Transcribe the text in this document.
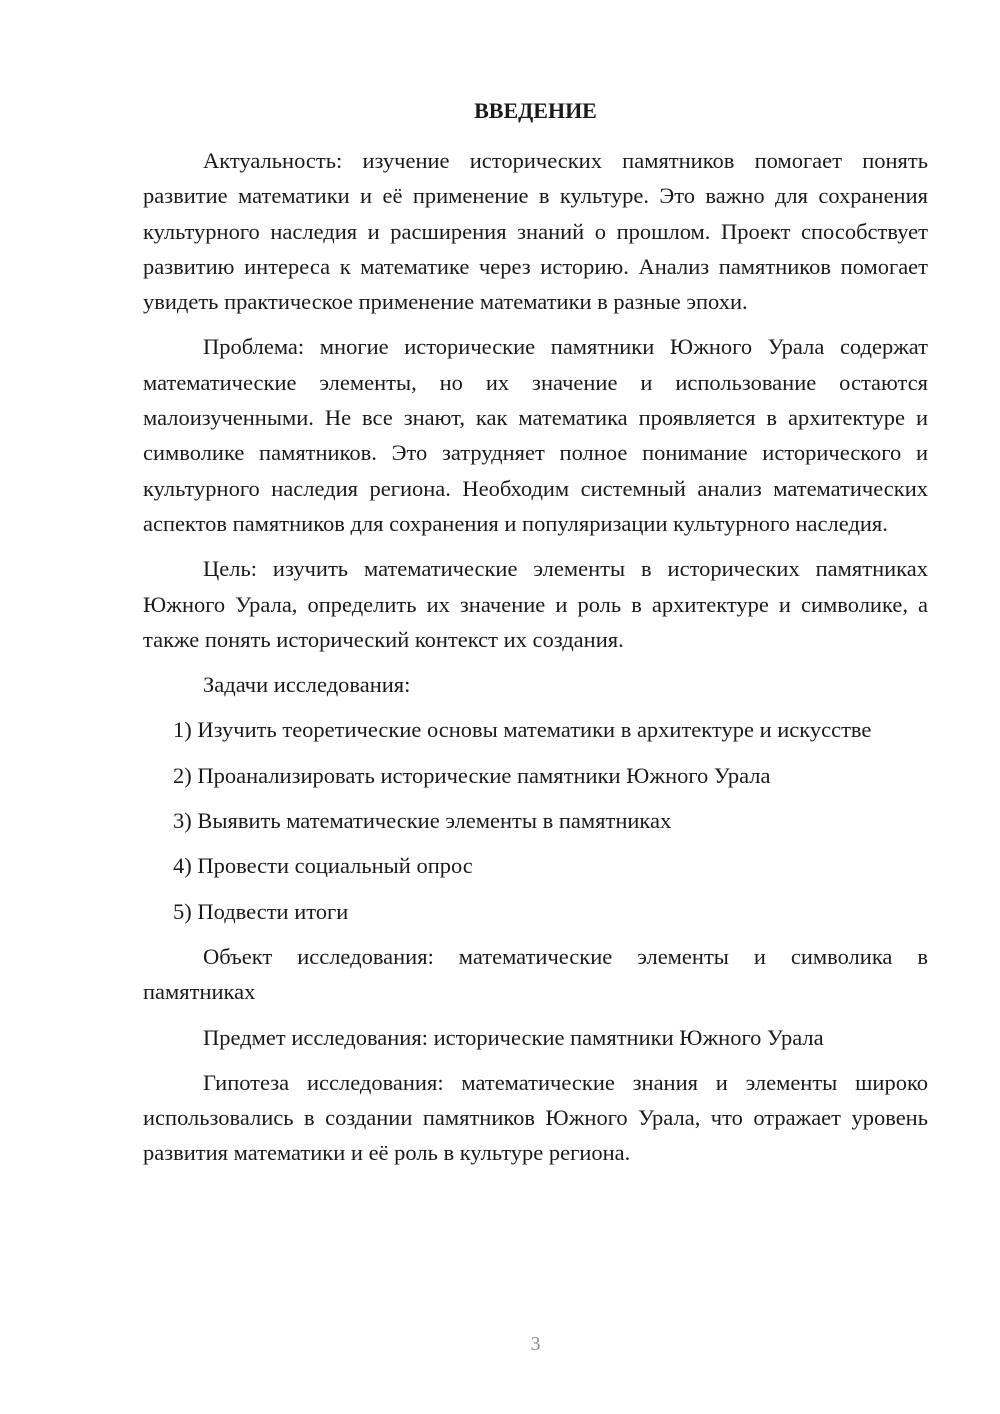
ВВЕДЕНИЕ

Актуальность: изучение исторических памятников помогает понять развитие математики и её применение в культуре. Это важно для сохранения культурного наследия и расширения знаний о прошлом. Проект способствует развитию интереса к математике через историю. Анализ памятников помогает увидеть практическое применение математики в разные эпохи.

Проблема: многие исторические памятники Южного Урала содержат математические элементы, но их значение и использование остаются малоизученными. Не все знают, как математика проявляется в архитектуре и символике памятников. Это затрудняет полное понимание исторического и культурного наследия региона. Необходим системный анализ математических аспектов памятников для сохранения и популяризации культурного наследия.

Цель: изучить математические элементы в исторических памятниках Южного Урала, определить их значение и роль в архитектуре и символике, а также понять исторический контекст их создания.

Задачи исследования:

1) Изучить теоретические основы математики в архитектуре и искусстве

2) Проанализировать исторические памятники Южного Урала

3) Выявить математические элементы в памятниках

4) Провести социальный опрос

5) Подвести итоги

Объект исследования: математические элементы и символика в памятниках

Предмет исследования: исторические памятники Южного Урала

Гипотеза исследования: математические знания и элементы широко использовались в создании памятников Южного Урала, что отражает уровень развития математики и её роль в культуре региона.

3
